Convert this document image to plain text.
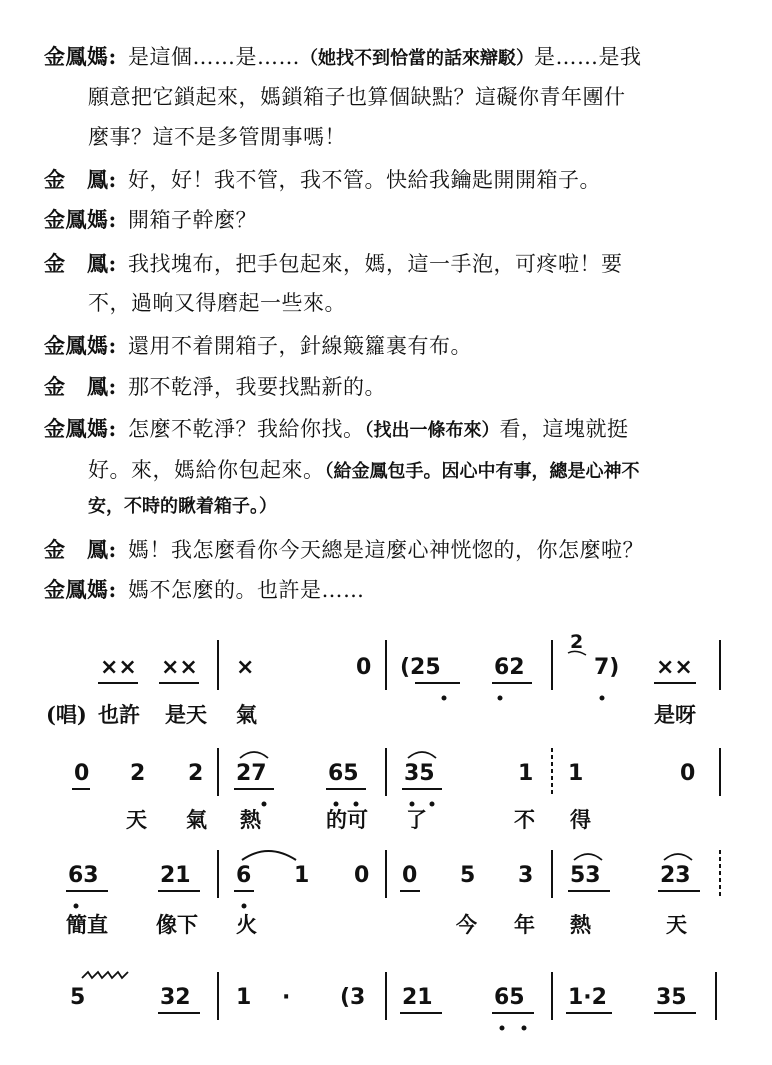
金鳳媽: 是這個……是……（她找不到恰當的話來辯駁）是……是我
願意把它鎖起來，媽鎖箱子也算個缺點？這礙你青年團什
麼事？這不是多管閒事嗎！
金　鳳: 好，好！我不管，我不管。快給我鑰匙開開箱子。
金鳳媽: 開箱子幹麼？
金　鳳: 我找塊布，把手包起來，媽，這一手泡，可疼啦！要
不，過晌又得磨起一些來。
金鳳媽: 還用不着開箱子，針線簸籮裏有布。
金　鳳: 那不乾淨，我要找點新的。
金鳳媽: 怎麼不乾淨？我給你找。（找出一條布來）看，這塊就挺
好。來，媽給你包起來。（給金鳳包手。因心中有事，總是心神不
安，不時的瞅着箱子。）
金　鳳: 媽！我怎麼看你今天總是這麼心神恍惚的，你怎麼啦？
金鳳媽: 媽不怎麼的。也許是……
×× ×× ×	0 (25 62
2
7) ××
(唱) 也許 是天 氣	是呀
0 2 2 27	65 35	1 1	0
天 氣 熱	的可 了	不 得
63	21 6 1 0 0 5 3 53	23
簡直 像下 火	今 年 熱	天
5	32 1 · (3 21	65 1·2 35
